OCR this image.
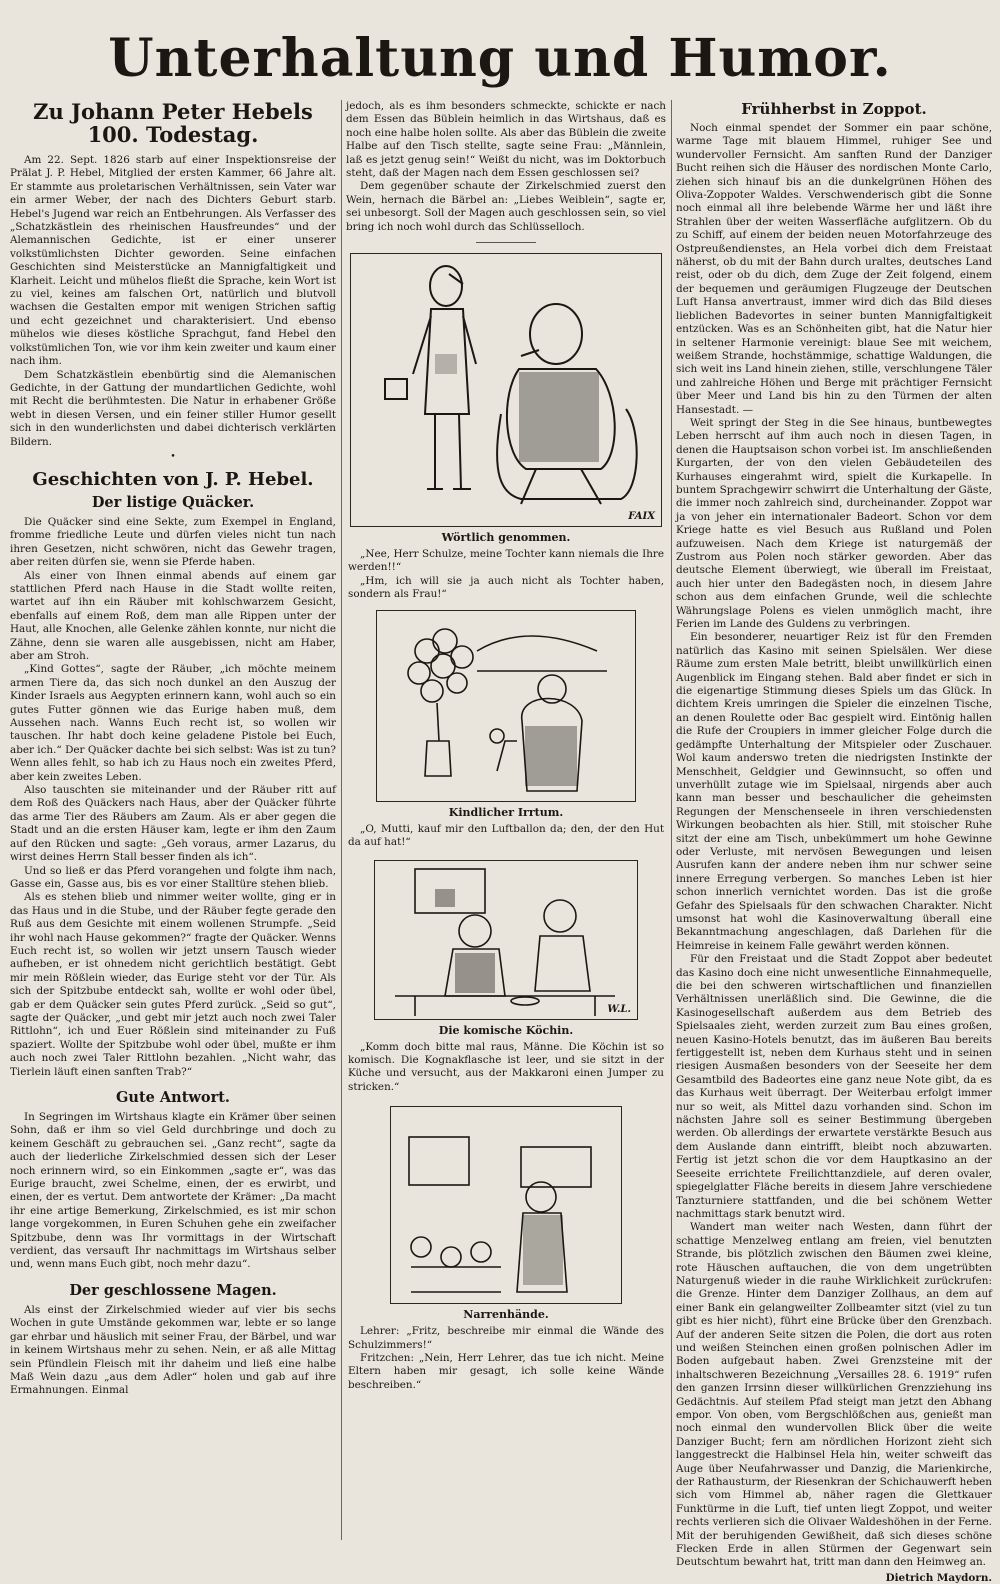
Unterhaltung und Humor.
Zu Johann Peter Hebels 100. Todestag.

Am 22. Sept. 1826 starb auf einer Inspektionsreise der Prälat J. P. Hebel, Mitglied der ersten Kammer, 66 Jahre alt. Er stammte aus proletarischen Verhältnissen, sein Vater war ein armer Weber, der nach des Dichters Geburt starb. Hebel's Jugend war reich an Entbehrungen. Als Verfasser des „Schatzkästlein des rheinischen Hausfreundes“ und der Alemannischen Gedichte, ist er einer unserer volkstümlichsten Dichter geworden. Seine einfachen Geschichten sind Meisterstücke an Mannigfaltigkeit und Klarheit. Leicht und mühelos fließt die Sprache, kein Wort ist zu viel, keines am falschen Ort, natürlich und blutvoll wachsen die Gestalten empor mit wenigen Strichen saftig und echt gezeichnet und charakterisiert. Und ebenso mühelos wie dieses köstliche Sprachgut, fand Hebel den volkstümlichen Ton, wie vor ihm kein zweiter und kaum einer nach ihm.

Dem Schatzkästlein ebenbürtig sind die Alemanischen Gedichte, in der Gattung der mundartlichen Gedichte, wohl mit Recht die berühmtesten. Die Natur in erhabener Größe webt in diesen Versen, und ein feiner stiller Humor gesellt sich in den wunderlichsten und dabei dichterisch verklärten Bildern.

•
Geschichten von J. P. Hebel.
Der listige Quäcker.

Die Quäcker sind eine Sekte, zum Exempel in England, fromme friedliche Leute und dürfen vieles nicht tun nach ihren Gesetzen, nicht schwören, nicht das Gewehr tragen, aber reiten dürfen sie, wenn sie Pferde haben.

Als einer von Ihnen einmal abends auf einem gar stattlichen Pferd nach Hause in die Stadt wollte reiten, wartet auf ihn ein Räuber mit kohlschwarzem Gesicht, ebenfalls auf einem Roß, dem man alle Rippen unter der Haut, alle Knochen, alle Gelenke zählen konnte, nur nicht die Zähne, denn sie waren alle ausgebissen, nicht am Haber, aber am Stroh.

„Kind Gottes“, sagte der Räuber, „ich möchte meinem armen Tiere da, das sich noch dunkel an den Auszug der Kinder Israels aus Aegypten erinnern kann, wohl auch so ein gutes Futter gönnen wie das Eurige haben muß, dem Aussehen nach. Wanns Euch recht ist, so wollen wir tauschen. Ihr habt doch keine geladene Pistole bei Euch, aber ich.“ Der Quäcker dachte bei sich selbst: Was ist zu tun? Wenn alles fehlt, so hab ich zu Haus noch ein zweites Pferd, aber kein zweites Leben.

Also tauschten sie miteinander und der Räuber ritt auf dem Roß des Quäckers nach Haus, aber der Quäcker führte das arme Tier des Räubers am Zaum. Als er aber gegen die Stadt und an die ersten Häuser kam, legte er ihm den Zaum auf den Rücken und sagte: „Geh voraus, armer Lazarus, du wirst deines Herrn Stall besser finden als ich“.

Und so ließ er das Pferd vorangehen und folgte ihm nach, Gasse ein, Gasse aus, bis es vor einer Stalltüre stehen blieb.

Als es stehen blieb und nimmer weiter wollte, ging er in das Haus und in die Stube, und der Räuber fegte gerade den Ruß aus dem Gesichte mit einem wollenen Strumpfe. „Seid ihr wohl nach Hause gekommen?“ fragte der Quäcker. Wenns Euch recht ist, so wollen wir jetzt unsern Tausch wieder aufheben, er ist ohnedem nicht gerichtlich bestätigt. Gebt mir mein Rößlein wieder, das Eurige steht vor der Tür. Als sich der Spitzbube entdeckt sah, wollte er wohl oder übel, gab er dem Quäcker sein gutes Pferd zurück. „Seid so gut“, sagte der Quäcker, „und gebt mir jetzt auch noch zwei Taler Rittlohn“, ich und Euer Rößlein sind miteinander zu Fuß spaziert. Wollte der Spitzbube wohl oder übel, mußte er ihm auch noch zwei Taler Rittlohn bezahlen. „Nicht wahr, das Tierlein läuft einen sanften Trab?“

Gute Antwort.

In Segringen im Wirtshaus klagte ein Krämer über seinen Sohn, daß er ihm so viel Geld durchbringe und doch zu keinem Geschäft zu gebrauchen sei. „Ganz recht“, sagte da auch der liederliche Zirkelschmied dessen sich der Leser noch erinnern wird, so ein Einkommen „sagte er“, was das Eurige braucht, zwei Schelme, einen, der es erwirbt, und einen, der es vertut. Dem antwortete der Krämer: „Da macht ihr eine artige Bemerkung, Zirkelschmied, es ist mir schon lange vorgekommen, in Euren Schuhen gehe ein zweifacher Spitzbube, denn was Ihr vormittags in der Wirtschaft verdient, das versauft Ihr nachmittags im Wirtshaus selber und, wenn mans Euch gibt, noch mehr dazu“.

Der geschlossene Magen.

Als einst der Zirkelschmied wieder auf vier bis sechs Wochen in gute Umstände gekommen war, lebte er so lange gar ehrbar und häuslich mit seiner Frau, der Bärbel, und war in keinem Wirtshaus mehr zu sehen. Nein, er aß alle Mittag sein Pfündlein Fleisch mit ihr daheim und ließ eine halbe Maß Wein dazu „aus dem Adler“ holen und gab auf ihre Ermahnungen. Einmal

jedoch, als es ihm besonders schmeckte, schickte er nach dem Essen das Büblein heimlich in das Wirtshaus, daß es noch eine halbe holen sollte. Als aber das Büblein die zweite Halbe auf den Tisch stellte, sagte seine Frau: „Männlein, laß es jetzt genug sein!“ Weißt du nicht, was im Doktorbuch steht, daß der Magen nach dem Essen geschlossen sei?

Dem gegenüber schaute der Zirkelschmied zuerst den Wein, hernach die Bärbel an: „Liebes Weiblein“, sagte er, sei unbesorgt. Soll der Magen auch geschlossen sein, so viel bring ich noch wohl durch das Schlüsselloch.

FAIX
Wörtlich genommen.

„Nee, Herr Schulze, meine Tochter kann niemals die Ihre werden!!“

„Hm, ich will sie ja auch nicht als Tochter haben, sondern als Frau!“

Kindlicher Irrtum.

„O, Mutti, kauf mir den Luftballon da; den, der den Hut da auf hat!“

W.L.
Die komische Köchin.

„Komm doch bitte mal raus, Männe. Die Köchin ist so komisch. Die Kognakflasche ist leer, und sie sitzt in der Küche und versucht, aus der Makkaroni einen Jumper zu stricken.“

Narrenhände.

Lehrer: „Fritz, beschreibe mir einmal die Wände des Schulzimmers!“

Fritzchen: „Nein, Herr Lehrer, das tue ich nicht. Meine Eltern haben mir gesagt, ich solle keine Wände beschreiben.“

Frühherbst in Zoppot.

Noch einmal spendet der Sommer ein paar schöne, warme Tage mit blauem Himmel, ruhiger See und wundervoller Fernsicht. Am sanften Rund der Danziger Bucht reihen sich die Häuser des nordischen Monte Carlo, ziehen sich hinauf bis an die dunkelgrünen Höhen des Oliva-Zoppoter Waldes. Verschwenderisch gibt die Sonne noch einmal all ihre belebende Wärme her und läßt ihre Strahlen über der weiten Wasserfläche aufglitzern. Ob du zu Schiff, auf einem der beiden neuen Motorfahrzeuge des Ostpreußendienstes, an Hela vorbei dich dem Freistaat näherst, ob du mit der Bahn durch uraltes, deutsches Land reist, oder ob du dich, dem Zuge der Zeit folgend, einem der bequemen und geräumigen Flugzeuge der Deutschen Luft Hansa anvertraust, immer wird dich das Bild dieses lieblichen Badevortes in seiner bunten Mannigfaltigkeit entzücken. Was es an Schönheiten gibt, hat die Natur hier in seltener Harmonie vereinigt: blaue See mit weichem, weißem Strande, hochstämmige, schattige Waldungen, die sich weit ins Land hinein ziehen, stille, verschlungene Täler und zahlreiche Höhen und Berge mit prächtiger Fernsicht über Meer und Land bis hin zu den Türmen der alten Hansestadt. —

Weit springt der Steg in die See hinaus, buntbewegtes Leben herrscht auf ihm auch noch in diesen Tagen, in denen die Hauptsaison schon vorbei ist. Im anschließenden Kurgarten, der von den vielen Gebäudeteilen des Kurhauses eingerahmt wird, spielt die Kurkapelle. In buntem Sprachgewirr schwirrt die Unterhaltung der Gäste, die immer noch zahlreich sind, durcheinander. Zoppot war ja von jeher ein internationaler Badeort. Schon vor dem Kriege hatte es viel Besuch aus Rußland und Polen aufzuweisen. Nach dem Kriege ist naturgemäß der Zustrom aus Polen noch stärker geworden. Aber das deutsche Element überwiegt, wie überall im Freistaat, auch hier unter den Badegästen noch, in diesem Jahre schon aus dem einfachen Grunde, weil die schlechte Währungslage Polens es vielen unmöglich macht, ihre Ferien im Lande des Guldens zu verbringen.

Ein besonderer, neuartiger Reiz ist für den Fremden natürlich das Kasino mit seinen Spielsälen. Wer diese Räume zum ersten Male betritt, bleibt unwillkürlich einen Augenblick im Eingang stehen. Bald aber findet er sich in die eigenartige Stimmung dieses Spiels um das Glück. In dichtem Kreis umringen die Spieler die einzelnen Tische, an denen Roulette oder Bac gespielt wird. Eintönig hallen die Rufe der Croupiers in immer gleicher Folge durch die gedämpfte Unterhaltung der Mitspieler oder Zuschauer. Wol kaum anderswo treten die niedrigsten Instinkte der Menschheit, Geldgier und Gewinnsucht, so offen und unverhüllt zutage wie im Spielsaal, nirgends aber auch kann man besser und beschaulicher die geheimsten Regungen der Menschenseele in ihren verschiedensten Wirkungen beobachten als hier. Still, mit stoischer Ruhe sitzt der eine am Tisch, unbekümmert um hohe Gewinne oder Verluste, mit nervösen Bewegungen und leisen Ausrufen kann der andere neben ihm nur schwer seine innere Erregung verbergen. So manches Leben ist hier schon innerlich vernichtet worden. Das ist die große Gefahr des Spielsaals für den schwachen Charakter. Nicht umsonst hat wohl die Kasinoverwaltung überall eine Bekanntmachung angeschlagen, daß Darlehen für die Heimreise in keinem Falle gewährt werden können.

Für den Freistaat und die Stadt Zoppot aber bedeutet das Kasino doch eine nicht unwesentliche Einnahmequelle, die bei den schweren wirtschaftlichen und finanziellen Verhältnissen unerläßlich sind. Die Gewinne, die die Kasinogesellschaft außerdem aus dem Betrieb des Spielsaales zieht, werden zurzeit zum Bau eines großen, neuen Kasino-Hotels benutzt, das im äußeren Bau bereits fertiggestellt ist, neben dem Kurhaus steht und in seinen riesigen Ausmaßen besonders von der Seeseite her dem Gesamtbild des Badeortes eine ganz neue Note gibt, da es das Kurhaus weit überragt. Der Weiterbau erfolgt immer nur so weit, als Mittel dazu vorhanden sind. Schon im nächsten Jahre soll es seiner Bestimmung übergeben werden. Ob allerdings der erwartete verstärkte Besuch aus dem Auslande dann eintrifft, bleibt noch abzuwarten. Fertig ist jetzt schon die vor dem Hauptkasino an der Seeseite errichtete Freilichttanzdiele, auf deren ovaler, spiegelglatter Fläche bereits in diesem Jahre verschiedene Tanzturniere stattfanden, und die bei schönem Wetter nachmittags stark benutzt wird.

Wandert man weiter nach Westen, dann führt der schattige Menzelweg entlang am freien, viel benutzten Strande, bis plötzlich zwischen den Bäumen zwei kleine, rote Häuschen auftauchen, die von dem ungetrübten Naturgenuß wieder in die rauhe Wirklichkeit zurückrufen: die Grenze. Hinter dem Danziger Zollhaus, an dem auf einer Bank ein gelangweilter Zollbeamter sitzt (viel zu tun gibt es hier nicht), führt eine Brücke über den Grenzbach. Auf der anderen Seite sitzen die Polen, die dort aus roten und weißen Steinchen einen großen polnischen Adler im Boden aufgebaut haben. Zwei Grenzsteine mit der inhaltschweren Bezeichnung „Versailles 28. 6. 1919“ rufen den ganzen Irrsinn dieser willkürlichen Grenzziehung ins Gedächtnis. Auf steilem Pfad steigt man jetzt den Abhang empor. Von oben, vom Bergschlößchen aus, genießt man noch einmal den wundervollen Blick über die weite Danziger Bucht; fern am nördlichen Horizont zieht sich langgestreckt die Halbinsel Hela hin, weiter schweift das Auge über Neufahrwasser und Danzig, die Marienkirche, der Rathausturm, der Riesenkran der Schichauwerft heben sich vom Himmel ab, näher ragen die Glettkauer Funktürme in die Luft, tief unten liegt Zoppot, und weiter rechts verlieren sich die Olivaer Waldeshöhen in der Ferne. Mit der beruhigenden Gewißheit, daß sich dieses schöne Flecken Erde in allen Stürmen der Gegenwart sein Deutschtum bewahrt hat, tritt man dann den Heimweg an.

Dietrich Maydorn.
